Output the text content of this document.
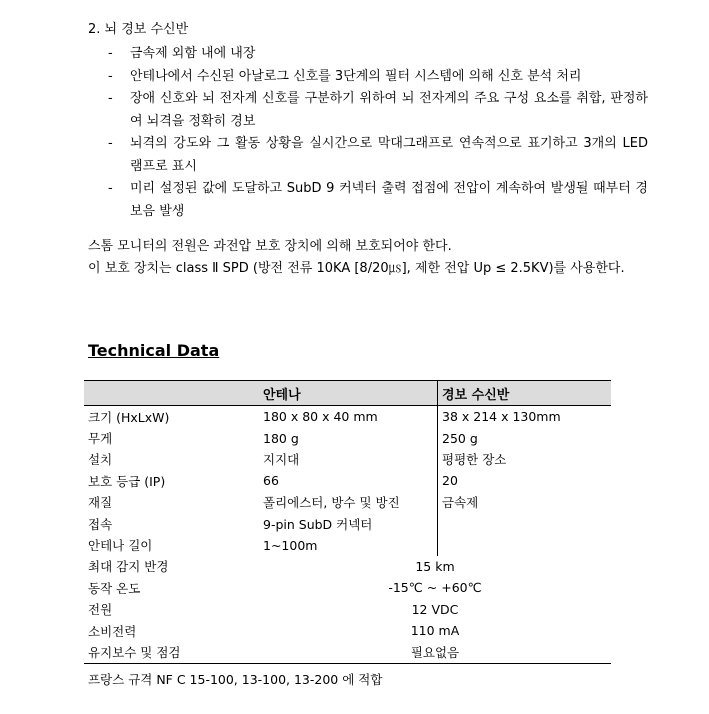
2. 뇌 경보 수신반
- 금속제 외함 내에 내장
- 안테나에서 수신된 아날로그 신호를 3단계의 필터 시스템에 의해 신호 분석 처리
- 장애 신호와 뇌 전자계 신호를 구분하기 위하여 뇌 전자계의 주요 구성 요소를 취합, 판정하여 뇌격을 정확히 경보
- 뇌격의 강도와 그 활동 상황을 실시간으로 막대그래프로 연속적으로 표기하고 3개의 LED 램프로 표시
- 미리 설정된 값에 도달하고 SubD 9 커넥터 출력 접점에 전압이 계속하여 발생될 때부터 경보음 발생

스톰 모니터의 전원은 과전압 보호 장치에 의해 보호되어야 한다.

이 보호 장치는 class Ⅱ SPD (방전 전류 10KA [8/20㎲], 제한 전압 Up ≤ 2.5KV)를 사용한다.

Technical Data
	안테나	경보 수신반
크기 (HxLxW)	180 x 80 x 40 mm	38 x 214 x 130mm
무게	180 g	250 g
설치	지지대	평평한 장소
보호 등급 (IP)	66	20
재질	폴리에스터, 방수 및 방진	금속제
접속	9-pin SubD 커넥터	
안테나 길이	1~100m	
최대 감지 반경	15 km	
동작 온도	-15℃ ~ +60℃	
전원	12 VDC	
소비전력	110 mA	
유지보수 및 점검	필요없음	
프랑스 규격 NF C 15-100, 13-100, 13-200 에 적합
